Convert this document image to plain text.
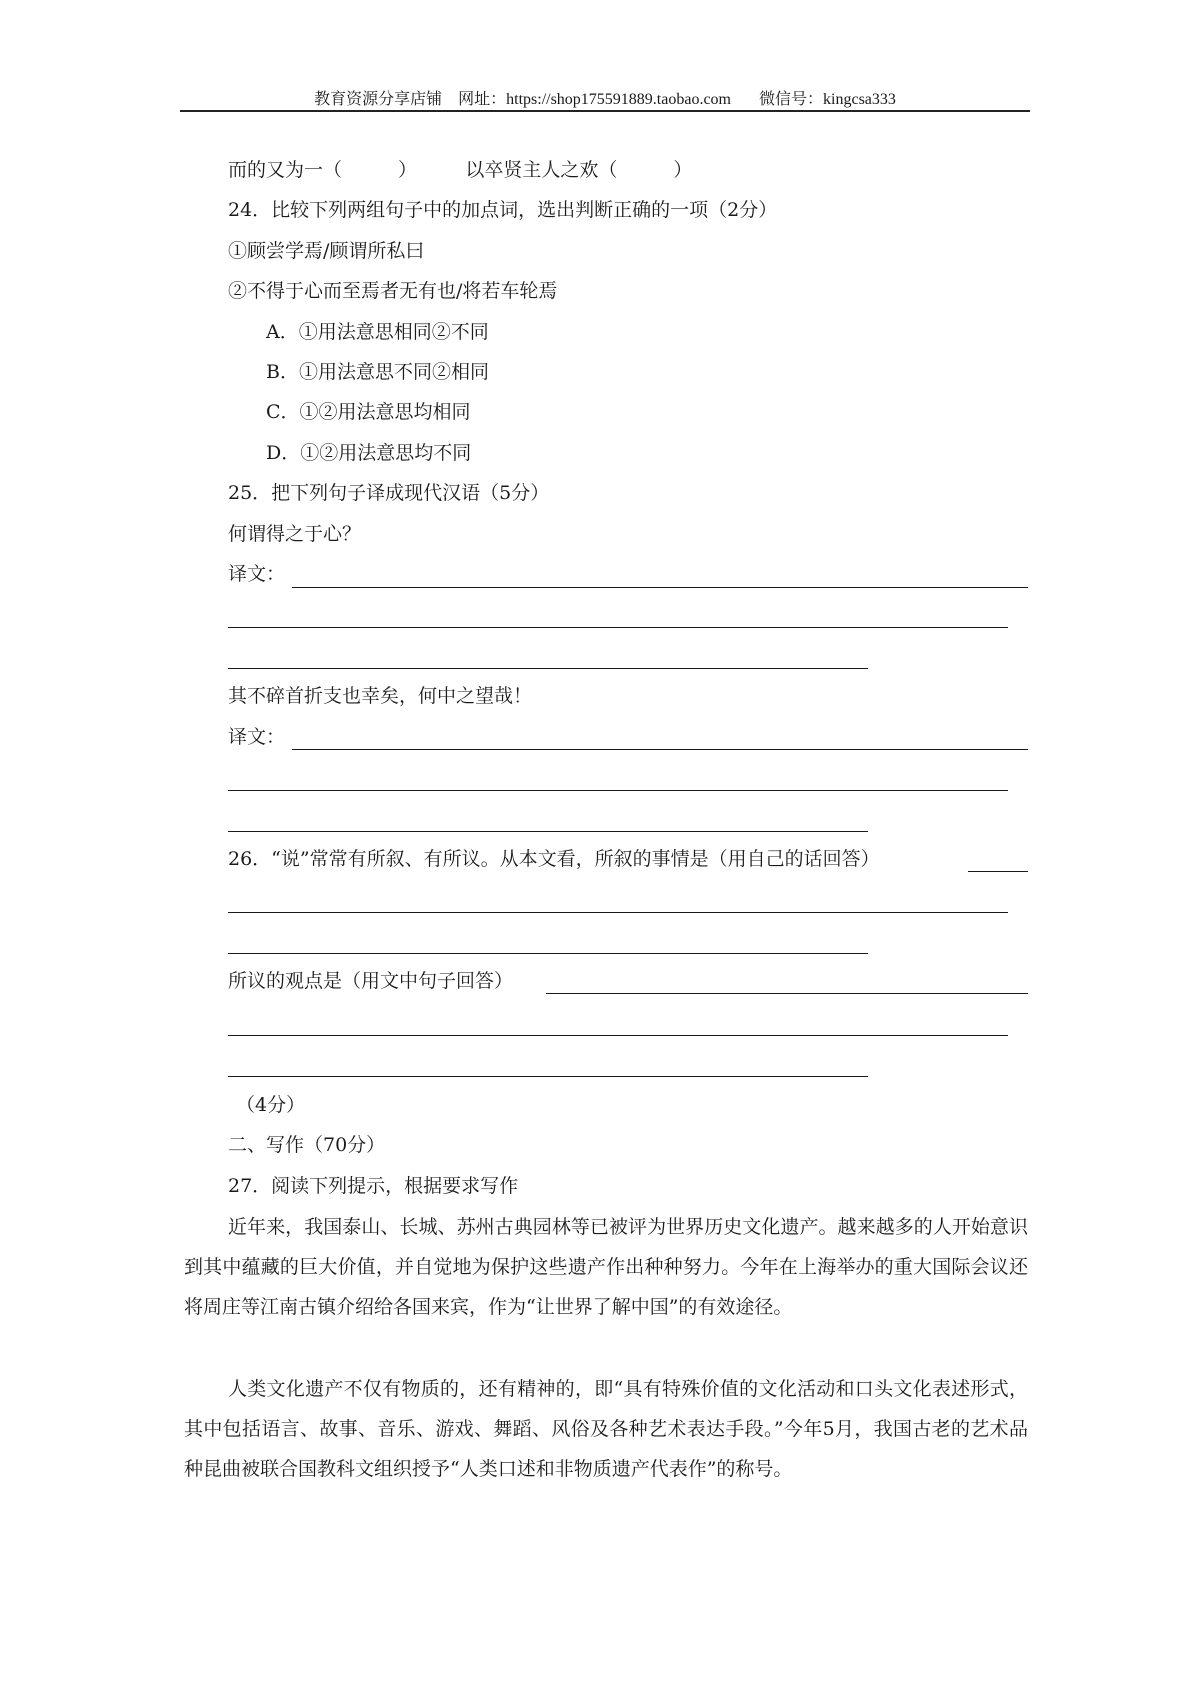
教育资源分享店铺 网址：https://shop175591889.taobao.com 微信号：kingcsa333
而的又为一（	）	以卒贤主人之欢（	）
24．比较下列两组句子中的加点词，选出判断正确的一项（2分）
①顾尝学焉/顾谓所私曰
②不得于心而至焉者无有也/将若车轮焉
A．①用法意思相同②不同
B．①用法意思不同②相同
C．①②用法意思均相同
D．①②用法意思均不同
25．把下列句子译成现代汉语（5分）
何谓得之于心？
译文：
其不碎首折支也幸矣，何中之望哉！
译文：
26．“说”常常有所叙、有所议。从本文看，所叙的事情是（用自己的话回答）
所议的观点是（用文中句子回答）
（4分）
二、写作（70分）
27．阅读下列提示，根据要求写作
近年来，我国泰山、长城、苏州古典园林等已被评为世界历史文化遗产。越来越多的人开始意识到其中蕴藏的巨大价值，并自觉地为保护这些遗产作出种种努力。今年在上海举办的重大国际会议还将周庄等江南古镇介绍给各国来宾，作为“让世界了解中国”的有效途径。
人类文化遗产不仅有物质的，还有精神的，即“具有特殊价值的文化活动和口头文化表述形式，其中包括语言、故事、音乐、游戏、舞蹈、风俗及各种艺术表达手段。”今年5月，我国古老的艺术品种昆曲被联合国教科文组织授予“人类口述和非物质遗产代表作”的称号。
